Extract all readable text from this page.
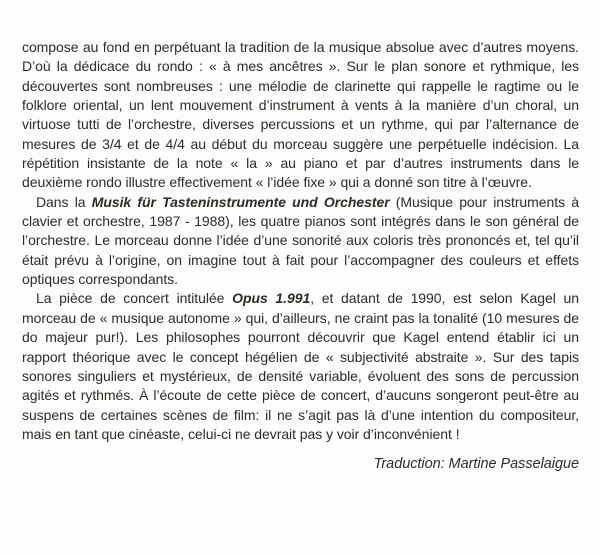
compose au fond en perpétuant la tradition de la musique absolue avec d’autres moyens. D’où la dédicace du rondo : « à mes ancêtres ». Sur le plan sonore et rythmique, les découvertes sont nombreuses : une mélodie de clarinette qui rappelle le ragtime ou le folklore oriental, un lent mouvement d’instrument à vents à la manière d’un choral, un virtuose tutti de l’orchestre, diverses percussions et un rythme, qui par l’alternance de mesures de 3/4 et de 4/4 au début du morceau suggère une perpétuelle indécision. La répétition insistante de la note « la » au piano et par d’autres instruments dans le deuxième rondo illustre effectivement « l’idée fixe » qui a donné son titre à l’œuvre.

Dans la Musik für Tasteninstrumente und Orchester (Musique pour instruments à clavier et orchestre, 1987 - 1988), les quatre pianos sont intégrés dans le son général de l’orchestre. Le morceau donne l’idée d’une sonorité aux coloris très prononcés et, tel qu’il était prévu à l’origine, on imagine tout à fait pour l’accompagner des couleurs et effets optiques correspondants.

La pièce de concert intitulée Opus 1.991, et datant de 1990, est selon Kagel un morceau de « musique autonome » qui, d’ailleurs, ne craint pas la tonalité (10 mesures de do majeur pur!). Les philosophes pourront découvrir que Kagel entend établir ici un rapport théorique avec le concept hégélien de « subjectivité abstraite ». Sur des tapis sonores singuliers et mystérieux, de densité variable, évoluent des sons de percussion agités et rythmés. À l’écoute de cette pièce de concert, d’aucuns songeront peut-être au suspens de certaines scènes de film: il ne s’agit pas là d’une intention du compositeur, mais en tant que cinéaste, celui-ci ne devrait pas y voir d’inconvénient !

Traduction: Martine Passelaigue
